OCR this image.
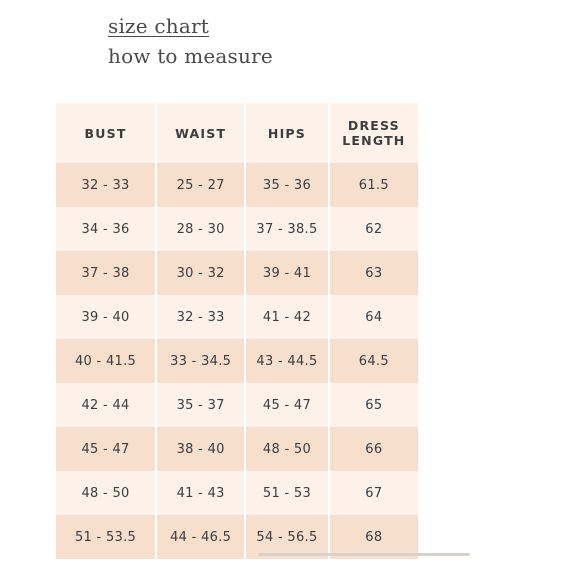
size chart
how to measure
BUST	WAIST	HIPS	DRESS
LENGTH
32 - 33	25 - 27	35 - 36	61.5
34 - 36	28 - 30	37 - 38.5	62
37 - 38	30 - 32	39 - 41	63
39 - 40	32 - 33	41 - 42	64
40 - 41.5	33 - 34.5	43 - 44.5	64.5
42 - 44	35 - 37	45 - 47	65
45 - 47	38 - 40	48 - 50	66
48 - 50	41 - 43	51 - 53	67
51 - 53.5	44 - 46.5	54 - 56.5	68
